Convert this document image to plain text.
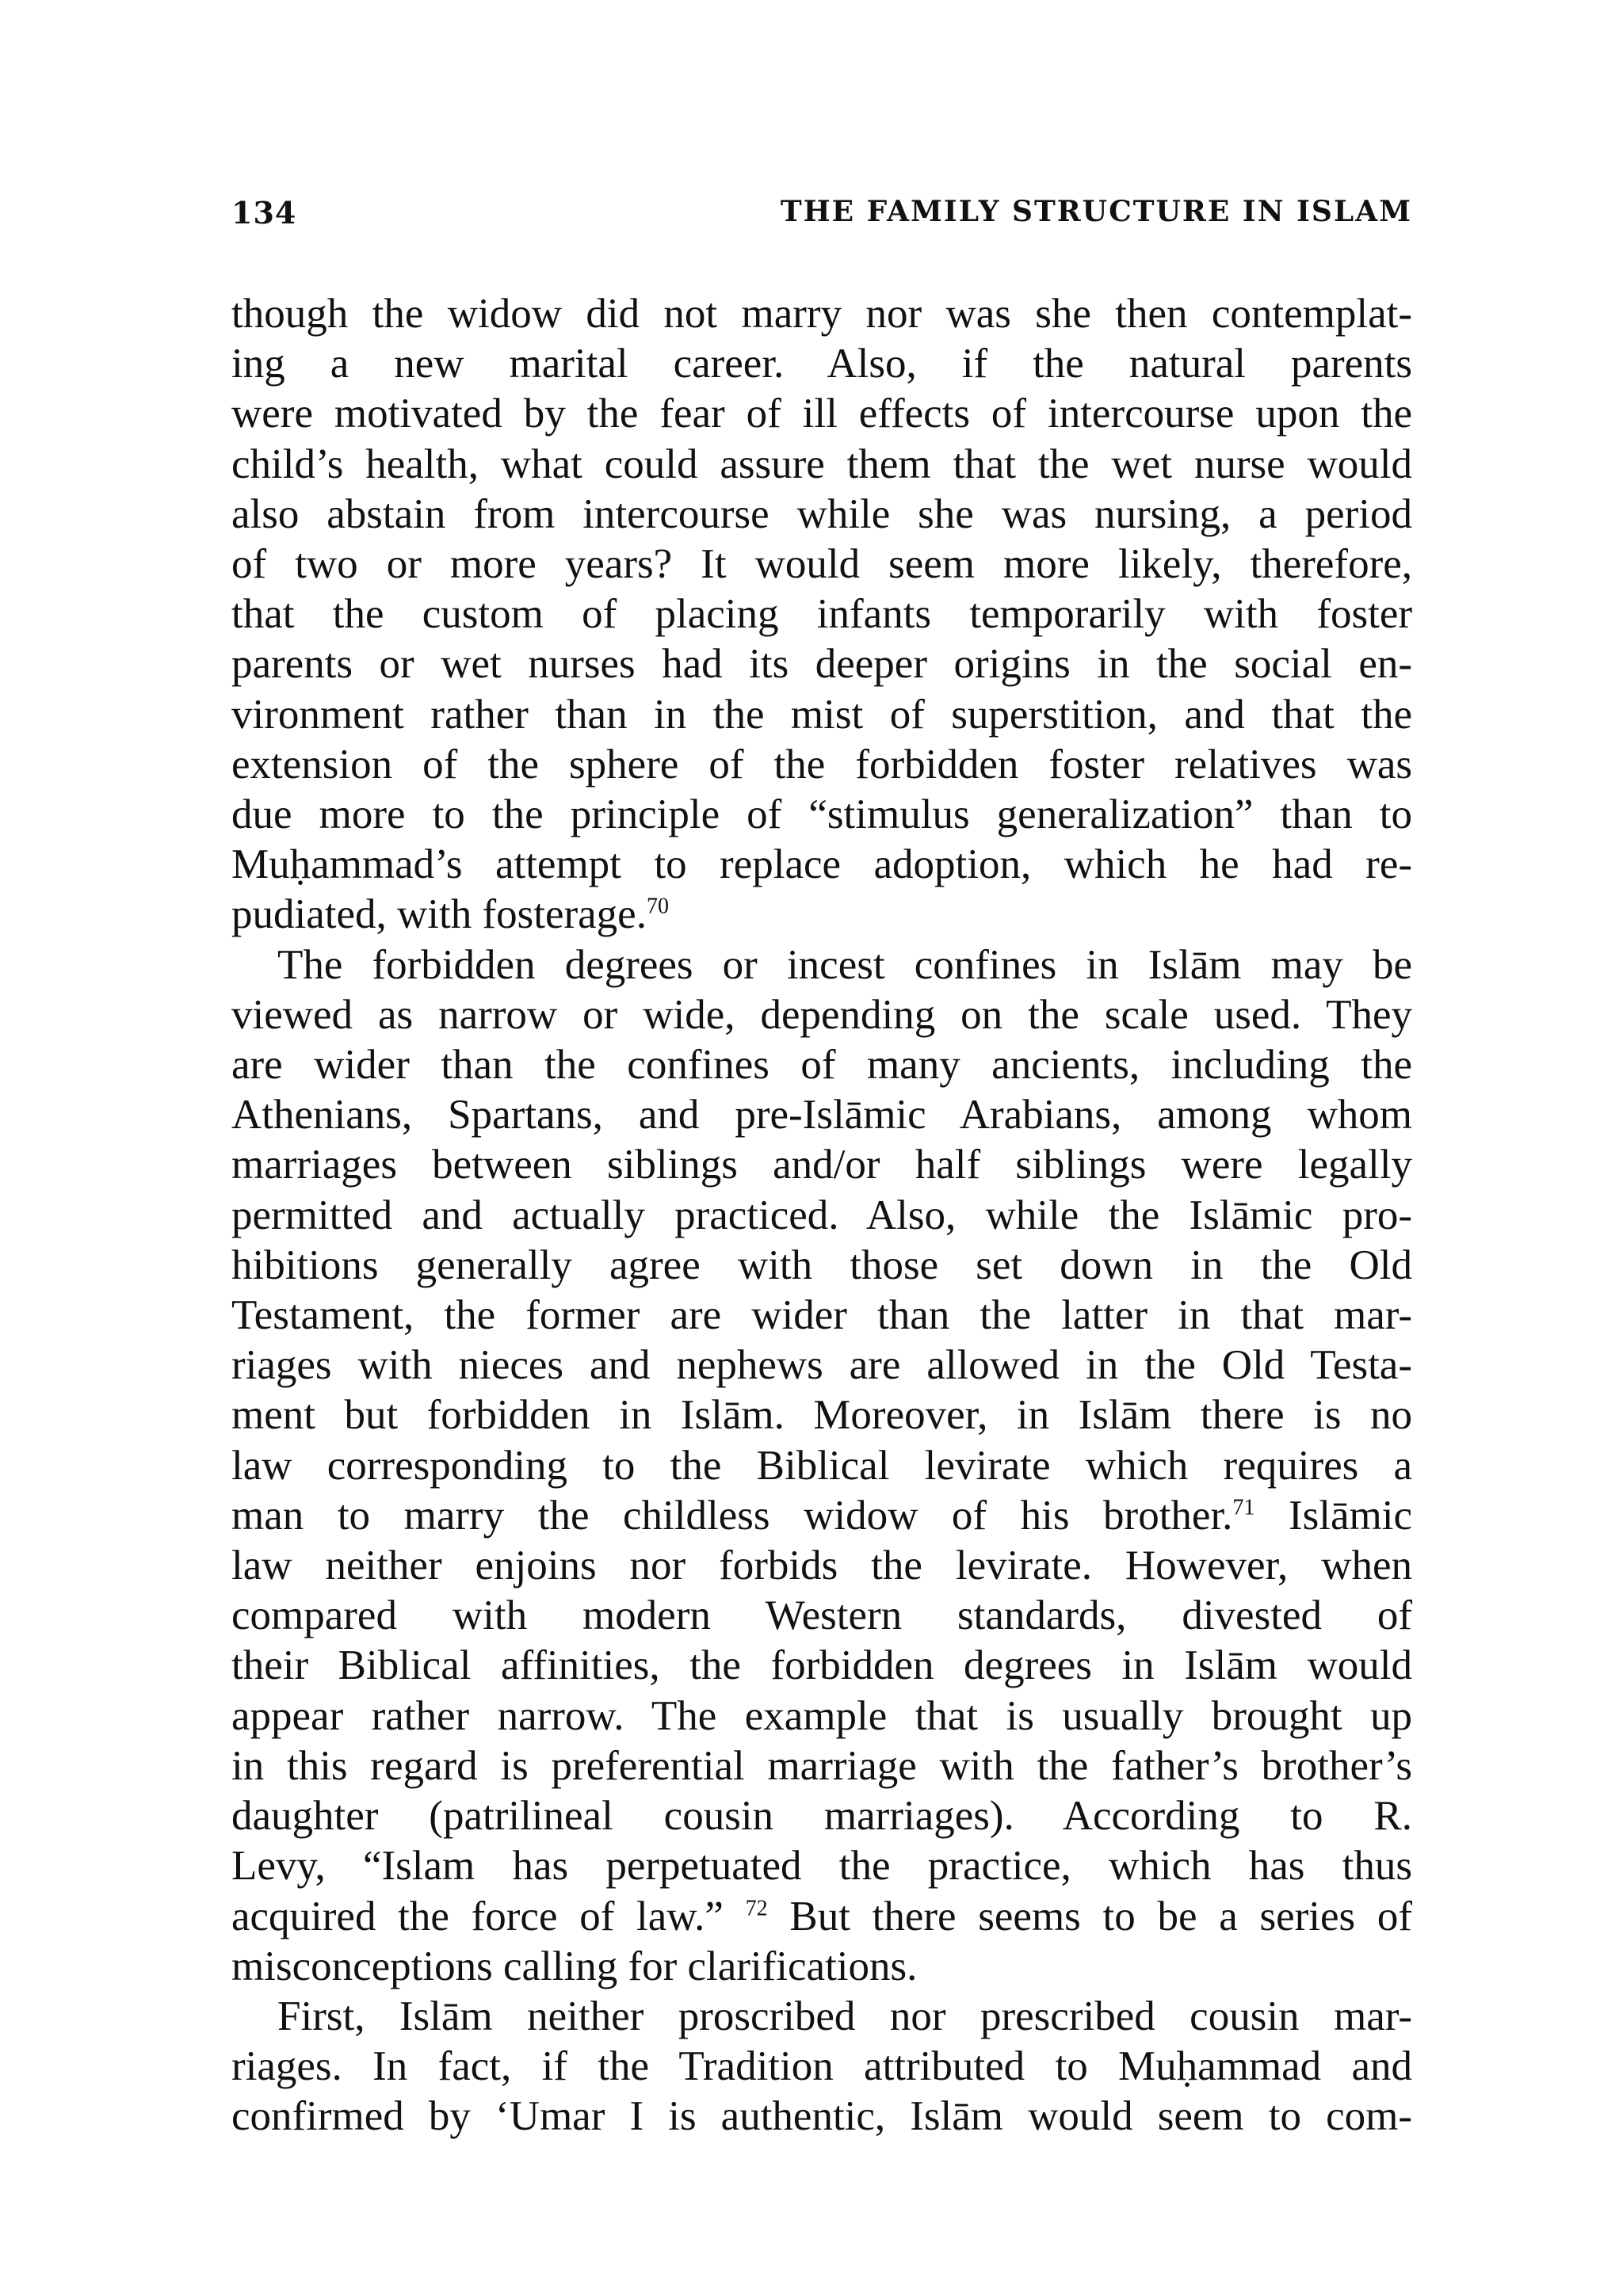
134	THE FAMILY STRUCTURE IN ISLAM

though the widow did not marry nor was she then contemplat-
ing a new marital career. Also, if the natural parents
were motivated by the fear of ill effects of intercourse upon the
child’s health, what could assure them that the wet nurse would
also abstain from intercourse while she was nursing, a period
of two or more years? It would seem more likely, therefore,
that the custom of placing infants temporarily with foster
parents or wet nurses had its deeper origins in the social en-
vironment rather than in the mist of superstition, and that the
extension of the sphere of the forbidden foster relatives was
due more to the principle of “stimulus generalization” than to
Muḥammad’s attempt to replace adoption, which he had re-
pudiated, with fosterage.$^{70}$

The forbidden degrees or incest confines in Islām may be

viewed as narrow or wide, depending on the scale used. They
are wider than the confines of many ancients, including the
Athenians, Spartans, and pre-Islāmic Arabians, among whom
marriages between siblings and/or half siblings were legally
permitted and actually practiced. Also, while the Islāmic pro-
hibitions generally agree with those set down in the Old
Testament, the former are wider than the latter in that mar-
riages with nieces and nephews are allowed in the Old Testa-
ment but forbidden in Islām. Moreover, in Islām there is no
law corresponding to the Biblical levirate which requires a
man to marry the childless widow of his brother.$^{71}$ Islāmic
law neither enjoins nor forbids the levirate. However, when
compared with modern Western standards, divested of
their Biblical affinities, the forbidden degrees in Islām would
appear rather narrow. The example that is usually brought up
in this regard is preferential marriage with the father’s brother’s
daughter (patrilineal cousin marriages). According to R.
Levy, “Islam has perpetuated the practice, which has thus
acquired the force of law.” $^{72}$ But there seems to be a series of
misconceptions calling for clarifications.

First, Islām neither proscribed nor prescribed cousin mar-

riages. In fact, if the Tradition attributed to Muḥammad and
confirmed by ‘Umar I is authentic, Islām would seem to com-
